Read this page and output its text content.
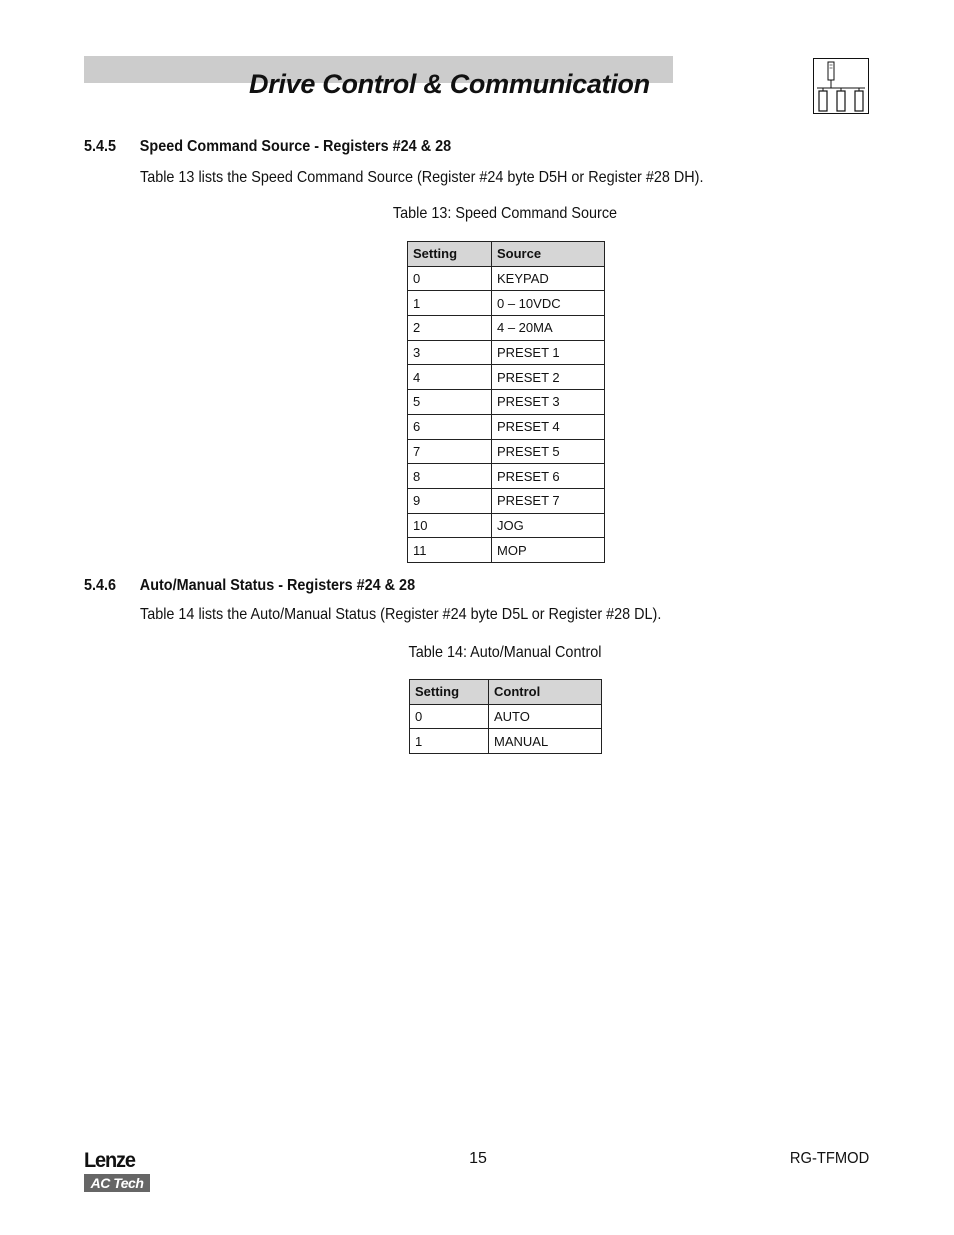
Drive Control & Communication
5.4.5 Speed Command Source - Registers #24 & 28

Table 13 lists the Speed Command Source (Register #24 byte D5H or Register #28 DH).

Table 13: Speed Command Source

Setting	Source
0	KEYPAD
1	0 – 10VDC
2	4 – 20MA
3	PRESET 1
4	PRESET 2
5	PRESET 3
6	PRESET 4
7	PRESET 5
8	PRESET 6
9	PRESET 7
10	JOG
11	MOP
5.4.6 Auto/Manual Status - Registers #24 & 28

Table 14 lists the Auto/Manual Status (Register #24 byte D5L or Register #28 DL).

Table 14: Auto/Manual Control

Setting	Control
0	AUTO
1	MANUAL
Lenze
AC Tech

15	RG-TFMOD
